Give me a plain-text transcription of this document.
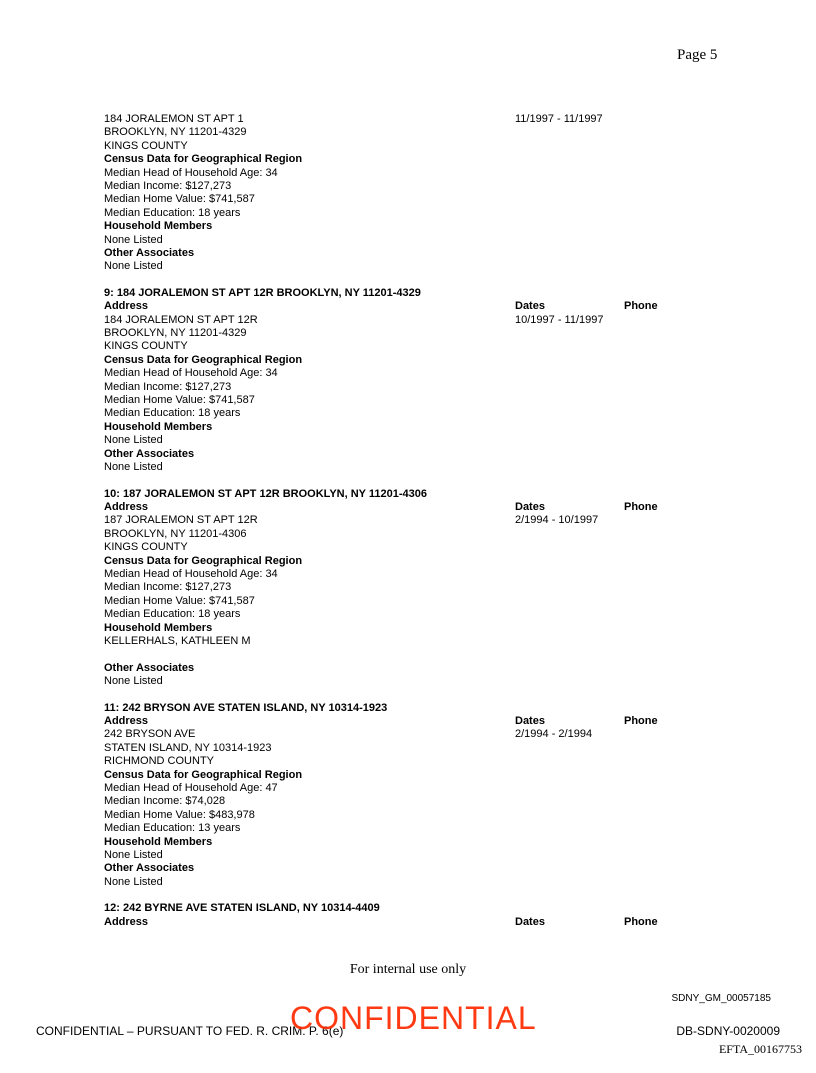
Page 5
184 JORALEMON ST APT 1	11/1997 - 11/1997
BROOKLYN, NY 11201-4329
KINGS COUNTY
Census Data for Geographical Region
Median Head of Household Age: 34
Median Income: $127,273
Median Home Value: $741,587
Median Education: 18 years
Household Members
None Listed
Other Associates
None Listed
9: 184 JORALEMON ST APT 12R BROOKLYN, NY 11201-4329
Address	Dates	Phone
184 JORALEMON ST APT 12R	10/1997 - 11/1997
BROOKLYN, NY 11201-4329
KINGS COUNTY
Census Data for Geographical Region
Median Head of Household Age: 34
Median Income: $127,273
Median Home Value: $741,587
Median Education: 18 years
Household Members
None Listed
Other Associates
None Listed
10: 187 JORALEMON ST APT 12R BROOKLYN, NY 11201-4306
Address	Dates	Phone
187 JORALEMON ST APT 12R	2/1994 - 10/1997
BROOKLYN, NY 11201-4306
KINGS COUNTY
Census Data for Geographical Region
Median Head of Household Age: 34
Median Income: $127,273
Median Home Value: $741,587
Median Education: 18 years
Household Members
KELLERHALS, KATHLEEN M
Other Associates
None Listed
11: 242 BRYSON AVE STATEN ISLAND, NY 10314-1923
Address	Dates	Phone
242 BRYSON AVE	2/1994 - 2/1994
STATEN ISLAND, NY 10314-1923
RICHMOND COUNTY
Census Data for Geographical Region
Median Head of Household Age: 47
Median Income: $74,028
Median Home Value: $483,978
Median Education: 13 years
Household Members
None Listed
Other Associates
None Listed
12: 242 BYRNE AVE STATEN ISLAND, NY 10314-4409
Address	Dates	Phone
For internal use only
SDNY_GM_00057185
CONFIDENTIAL – PURSUANT TO FED. R. CRIM. P. 6(e)
CONFIDENTIAL	DB-SDNY-0020009
EFTA_00167753
